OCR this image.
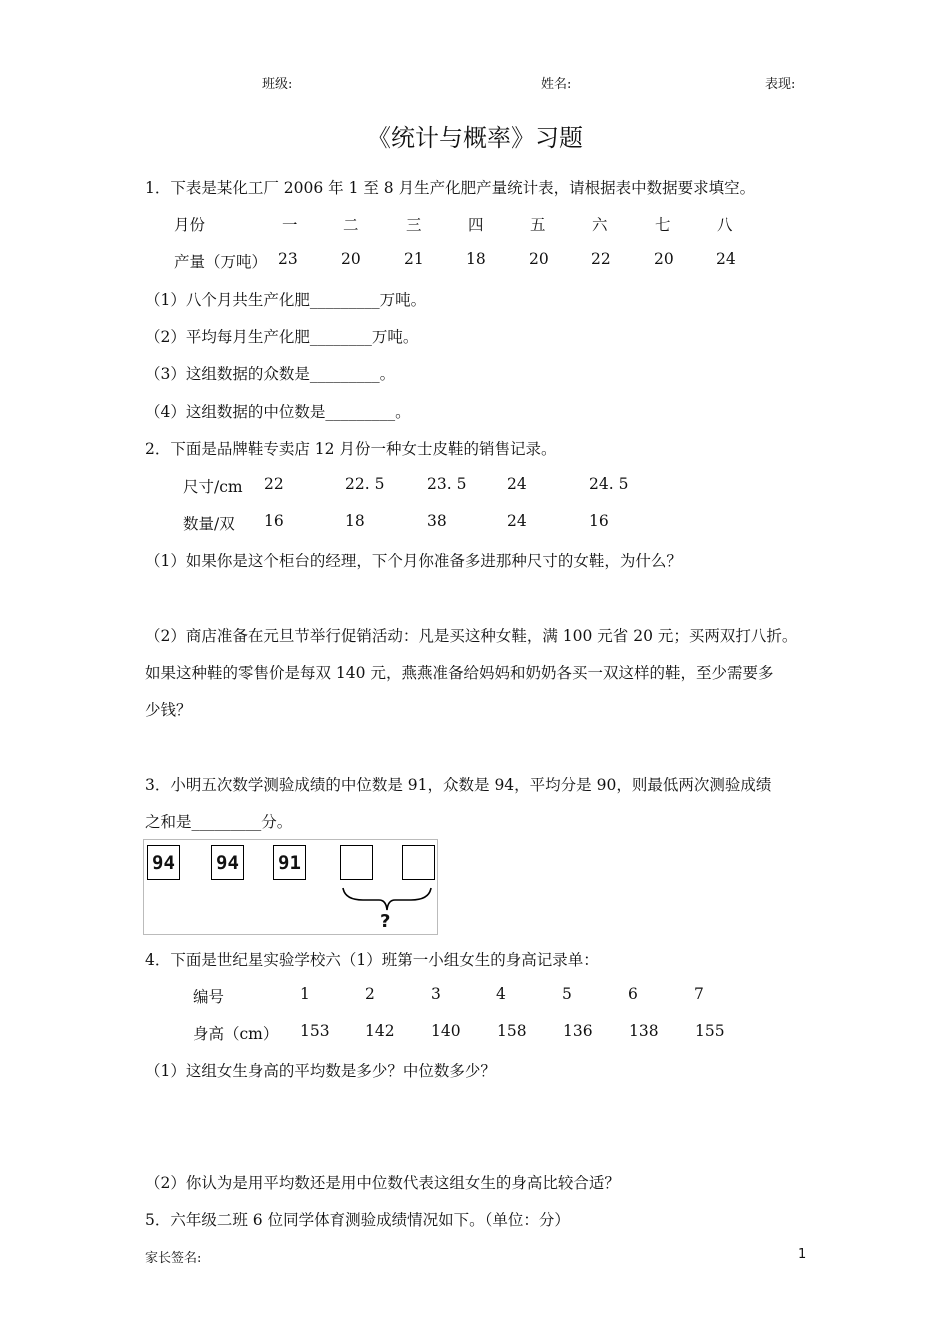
班级:	姓名:	表现:
《统计与概率》习题
1．下表是某化工厂 2006 年 1 至 8 月生产化肥产量统计表，请根据表中数据要求填空。
月份	一	二	三	四	五	六	七	八
产量（万吨） 23	20	21	18	20	22	20	24
（1）八个月共生产化肥_________万吨。
（2）平均每月生产化肥________万吨。
（3）这组数据的众数是_________。
（4）这组数据的中位数是_________。
2．下面是品牌鞋专卖店 12 月份一种女士皮鞋的销售记录。
尺寸/cm 22	22. 5	23. 5	24	24. 5
数量/双 16	18	38	24	16
（1）如果你是这个柜台的经理，下个月你准备多进那种尺寸的女鞋，为什么？
（2）商店准备在元旦节举行促销活动：凡是买这种女鞋，满 100 元省 20 元；买两双打八折。
如果这种鞋的零售价是每双 140 元，燕燕准备给妈妈和奶奶各买一双这样的鞋，至少需要多
少钱？
3．小明五次数学测验成绩的中位数是 91，众数是 94，平均分是 90，则最低两次测验成绩
之和是_________分。
94 94 91
?
4．下面是世纪星实验学校六（1）班第一小组女生的身高记录单：
编号	1	2	3	4	5	6	7
身高（cm） 153 142 140 158 136 138 155
（1）这组女生身高的平均数是多少？中位数多少？
（2）你认为是用平均数还是用中位数代表这组女生的身高比较合适？
5．六年级二班 6 位同学体育测验成绩情况如下。（单位：分）
家长签名:	1
